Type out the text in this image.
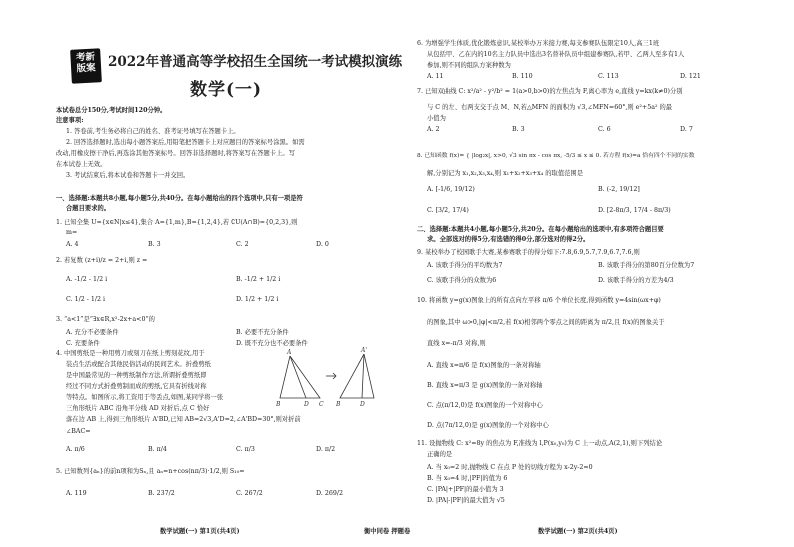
考新
版案 2022年普通高等学校招生全国统一考试模拟演练
数学(一)
本试卷总分150分,考试时间120分钟。
注意事项:
1. 答卷前,考生务必将自己的姓名、准考证号填写在答题卡上。
2. 回答选择题时,选出每小题答案后,用铅笔把答题卡上对应题目的答案标号涂黑。如需
改动,用橡皮擦干净后,再选涂其他答案标号。回答非选择题时,将答案写在答题卡上。写
在本试卷上无效。
3. 考试结束后,将本试卷和答题卡一并交回。
一、选择题:本题共8小题,每小题5分,共40分。在每小题给出的四个选项中,只有一项是符
合题目要求的。
1. 已知全集 U={x∈N|x≤4},集合 A={1,m},B={1,2,4},若 ∁U(A∩B)={0,2,3},则
m=
A. 4	B. 3	C. 2	D. 0
2. 若复数 (z+i)/z = 2+i,则 z =
A. -1/2 - 1/2 i	B. -1/2 + 1/2 i
C. 1/2 - 1/2 i	D. 1/2 + 1/2 i
3. “a<1”是“∃x∈R,x²-2x+a<0”的
A. 充分不必要条件	B. 必要不充分条件
C. 充要条件	D. 既不充分也不必要条件
4. 中国剪纸是一种用剪刀或刻刀在纸上剪刻花纹,用于
装点生活或配合其他民俗活动的民间艺术。折叠剪纸
是中国最常见的一种剪纸制作方法,所谓折叠剪纸即
经过不同方式折叠剪制而成的剪纸,它具有折线对称
等特点。如图所示,将工资用于等丢点,如图,某同学将一张
三角形纸片 ABC 沿角平分线 AD 对折后,点 C 恰好
落在边 AB 上,得到三角形纸片 A'BD,已知 AB=2√3,A'D=2,∠A'BD=30°,则对折前
∠BAC=
A
B	D C
A'
B	D
A. π/6	B. π/4	C. π/3	D. π/2
5. 已知数列{aₙ}的前n项和为Sₙ,且 aₙ=n+cos(nπ/3)·1/2,则 S₁₀=
A. 119	B. 237/2	C. 267/2	D. 269/2
数学试题(一) 第1页(共4页)	衡中同卷 押题卷
6. 为增强学生体质,优化锻炼意识,某校举办万米接力赛,每支参赛队伍限定10人,高三1班
从包括甲、乙在内的10名主力队员中选出3名替补队员中组建参赛队,若甲、乙两人至多有1人
参加,则不同的组队方案种数为
A. 11	B. 110	C. 113	D. 121
7. 已知双曲线 C: x²/a² - y²/b² = 1(a>0,b>0)的左焦点为 F,离心率为 e,直线 y=kx(k≠0)分别
与 C 的左、右两支交于点 M、N,若△MFN 的面积为 √3,∠MFN=60°,则 e²+5a² 的最
小值为
A. 2	B. 3	C. 6	D. 7
8. 已知函数 f(x)= { |log₂x|, x>0, √3 sin πx - cos πx, -5/3 ≤ x ≤ 0. 若方程 f(x)=a 恰有四个不同的实数
解,分别记为 x₁,x₂,x₃,x₄,则 x₁+x₂+x₃+x₄ 的取值范围是
A. [-1/6, 19/12)	B. (-2, 19/12]
C. [3/2, 17/4)	D. [2-8π/3, 17/4 - 8π/3)
二、选择题:本题共4小题,每小题5分,共20分。在每小题给出的选项中,有多项符合题目要
求。全部选对的得5分,有选错的得0分,部分选对的得2分。
9. 某校举办了校园歌手大赛,某参赛歌手的得分如下:7.8,6.9,5.7,7.9,6.7,7.6,则
A. 该歌手得分的平均数为7	B. 该歌手得分的第80百分位数为7
C. 该歌手得分的众数为6	D. 该歌手得分的方差为4/3
10. 将函数 y=g(x)图象上的所有点向左平移 π/6 个单位长度,得到函数 y=4sin(ωx+φ)
的图象,其中 ω>0,|φ|<π/2,若 f(x)相邻两个零点之间的距离为 π/2,且 f(x)的图象关于
直线 x=-π/3 对称,则
A. 直线 x=π/6 是 f(x)图象的一条对称轴
B. 直线 x=π/3 是 g(x)图象的一条对称轴
C. 点(π/12,0)是 f(x)图象的一个对称中心
D. 点(7π/12,0)是 g(x)图象的一个对称中心
11. 设抛物线 C: x²=8y 的焦点为 F,准线为 l,P(x₀,y₀)为 C 上一动点,A(2,1),则下列结论
正确的是
A. 当 x₀=2 时,抛物线 C 在点 P 处的切线方程为 x-2y-2=0
B. 当 x₀=4 时,|PF|的值为 6
C. |PA|+|PF|的最小值为 3
D. |PA|-|PF|的最大值为 √5
数学试题(一) 第2页(共4页)
